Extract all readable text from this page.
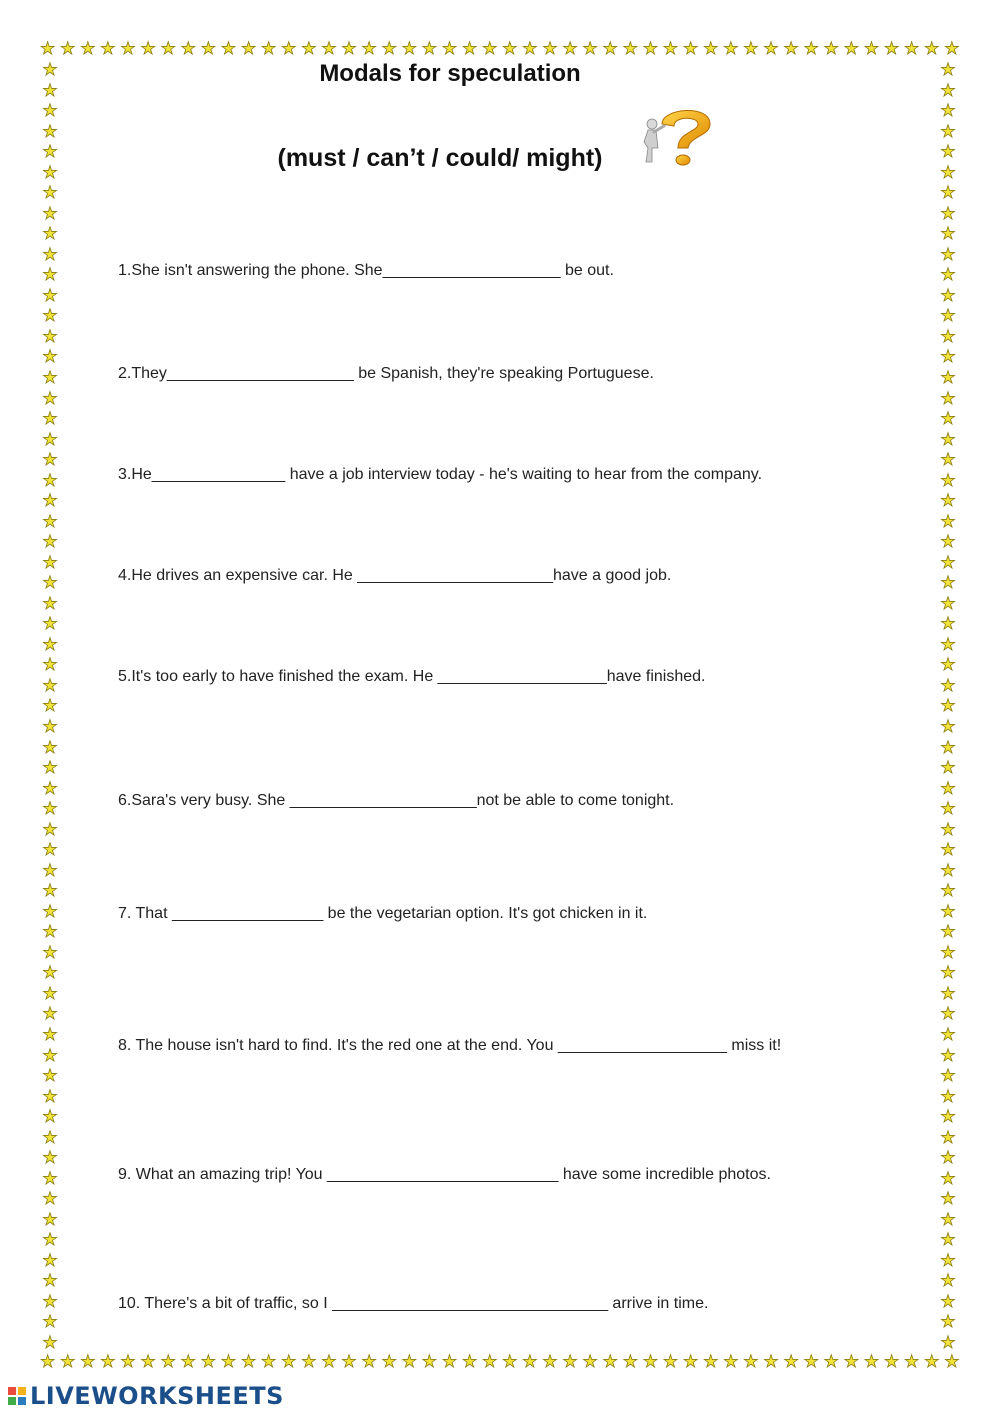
★ ★ ★ ★ ★ ★ ★ ★ ★ ★ ★ ★ ★ ★ ★ ★ ★ ★ ★ ★ ★ ★ ★ ★ ★ ★ ★ ★ ★ ★ ★ ★ ★ ★ ★ ★ ★ ★ ★ ★ ★ ★ ★ ★ ★ ★
★ ★ ★ ★ ★ ★ ★ ★ ★ ★ ★ ★ ★ ★ ★ ★ ★ ★ ★ ★ ★ ★ ★ ★ ★ ★ ★ ★ ★ ★ ★ ★ ★ ★ ★ ★ ★ ★ ★ ★ ★ ★ ★ ★ ★ ★
★
★
★
★
★
★
★
★
★
★
★
★
★
★
★
★
★
★
★
★
★
★
★
★
★
★
★
★
★
★
★
★
★
★
★
★
★
★
★
★
★
★
★
★
★
★
★
★
★
★
★
★
★
★
★
★
★
★
★
★
★
★
★
★
★
★
★
★
★
★
★
★
★
★
★
★
★
★
★
★
★
★
★
★
★
★
★
★
★
★
★
★
★
★
★
★
★
★
★
★
★
★
★
★
★
★
★
★
★
★
★
★
★
★
★
★
★
★
★
★
★
★
★
★
★
★
Modals for speculation
(must / can’t / could/ might)
1.She isn't answering the phone. She____________________ be out.
2.They_____________________ be Spanish, they're speaking Portuguese.
3.He_______________ have a job interview today - he's waiting to hear from the company.
4.He drives an expensive car. He ______________________have a good job.
5.It's too early to have finished the exam. He ___________________have finished.
6.Sara's very busy. She _____________________not be able to come tonight.
7. That _________________ be the vegetarian option. It's got chicken in it.
8. The house isn't hard to find. It's the red one at the end. You ___________________ miss it!
9. What an amazing trip! You __________________________ have some incredible photos.
10. There's a bit of traffic, so I _______________________________ arrive in time.
LIVEWORKSHEETS
